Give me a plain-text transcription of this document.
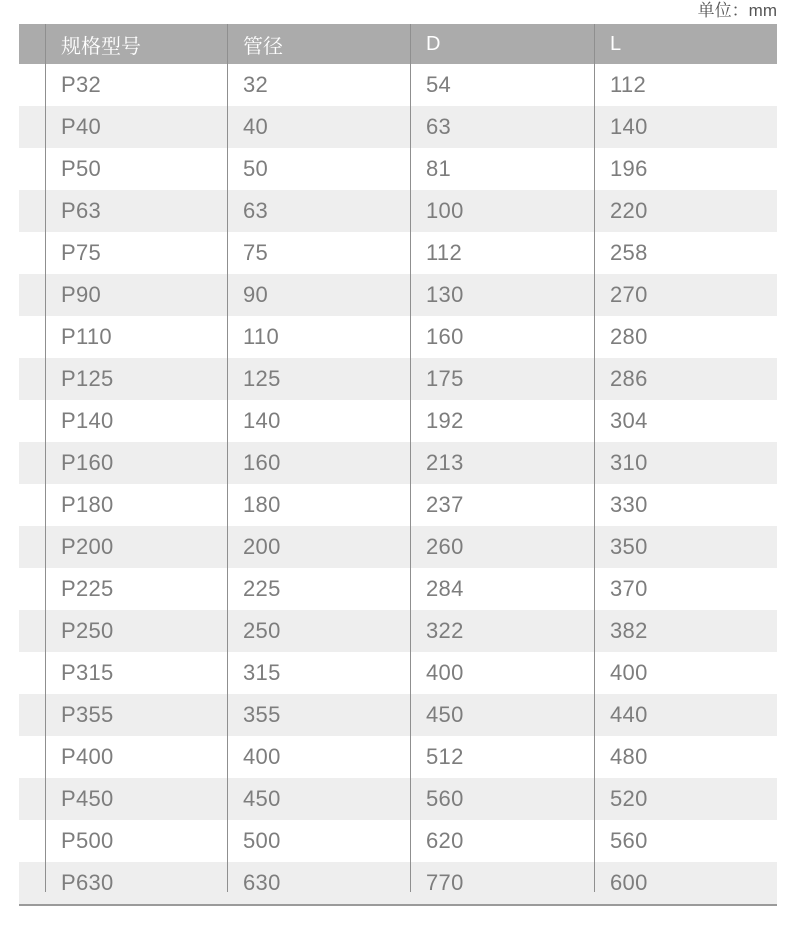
单位：mm
规格型号	管径	D	L
P32	32	54	112
P40	40	63	140
P50	50	81	196
P63	63	100	220
P75	75	112	258
P90	90	130	270
P110	110	160	280
P125	125	175	286
P140	140	192	304
P160	160	213	310
P180	180	237	330
P200	200	260	350
P225	225	284	370
P250	250	322	382
P315	315	400	400
P355	355	450	440
P400	400	512	480
P450	450	560	520
P500	500	620	560
P630	630	770	600
